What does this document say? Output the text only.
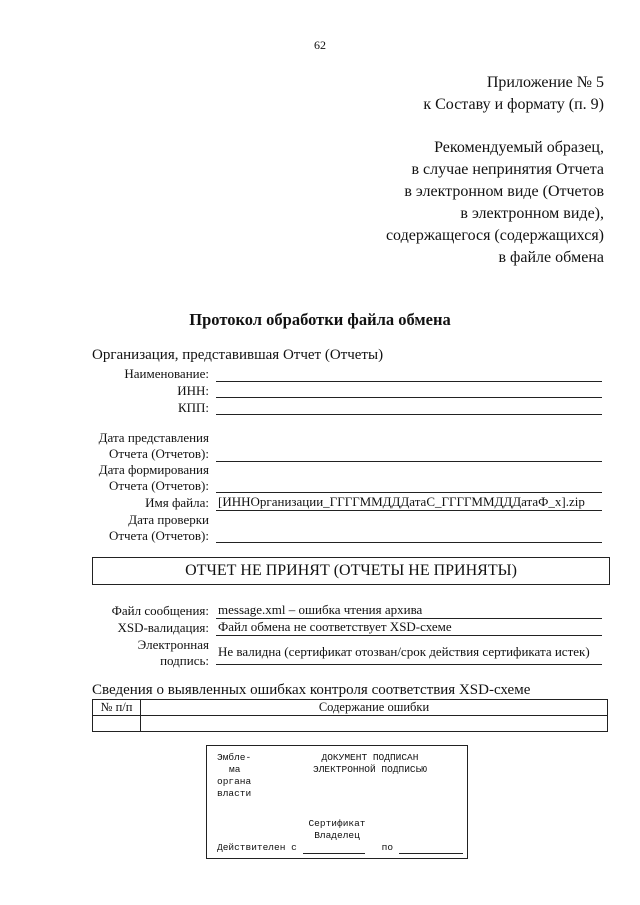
62
Приложение № 5
к Составу и формату (п. 9)
Рекомендуемый образец,
в случае непринятия Отчета
в электронном виде (Отчетов
в электронном виде),
содержащегося (содержащихся)
в файле обмена
Протокол обработки файла обмена
Организация, представившая Отчет (Отчеты)
Наименование:
ИНН:
КПП:
Дата представления
Отчета (Отчетов):
Дата формирования
Отчета (Отчетов):
Имя файла: [ИННОрганизации_ГГГГММДДДатаС_ГГГГММДДДатаФ_x].zip
Дата проверки
Отчета (Отчетов):
ОТЧЕТ НЕ ПРИНЯТ (ОТЧЕТЫ НЕ ПРИНЯТЫ)
Файл сообщения: message.xml – ошибка чтения архива
XSD-валидация: Файл обмена не соответствует XSD-схеме
Электронная
подпись:
Не валидна (сертификат отозван/срок действия сертификата истек)
Сведения о выявленных ошибках контроля соответствия XSD-схеме
№ п/п	Содержание ошибки

Эмбле-
ма
органа
власти
ДОКУМЕНТ ПОДПИСАН
ЭЛЕКТРОННОЙ ПОДПИСЬЮ
Сертификат
Владелец
Действителен с	по
